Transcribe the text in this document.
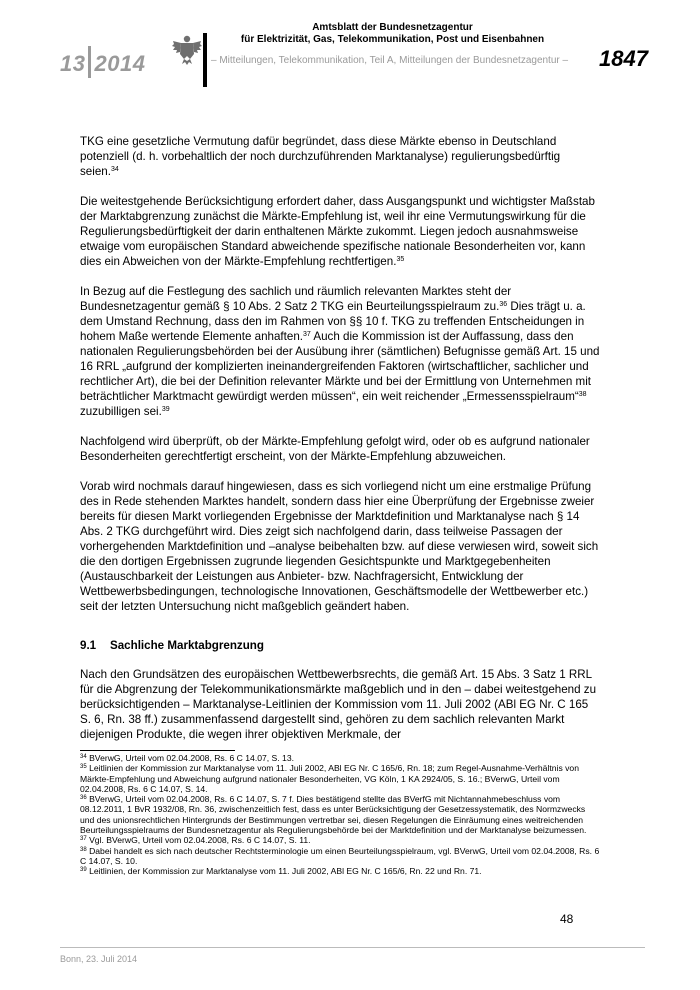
13 2014
Amtsblatt der Bundesnetzagentur
für Elektrizität, Gas, Telekommunikation, Post und Eisenbahnen
– Mitteilungen, Telekommunikation, Teil A, Mitteilungen der Bundesnetzagentur – 1847

TKG eine gesetzliche Vermutung dafür begründet, dass diese Märkte ebenso in Deutschland potenziell (d. h. vorbehaltlich der noch durchzuführenden Marktanalyse) regulierungsbedürftig seien.$^{34}$

Die weitestgehende Berücksichtigung erfordert daher, dass Ausgangspunkt und wichtigster Maßstab der Marktabgrenzung zunächst die Märkte-Empfehlung ist, weil ihr eine Vermutungswirkung für die Regulierungsbedürftigkeit der darin enthaltenen Märkte zukommt. Liegen jedoch ausnahmsweise etwaige vom europäischen Standard abweichende spezifische nationale Besonderheiten vor, kann dies ein Abweichen von der Märkte-Empfehlung rechtfertigen.$^{35}$

In Bezug auf die Festlegung des sachlich und räumlich relevanten Marktes steht der Bundesnetzagentur gemäß § 10 Abs. 2 Satz 2 TKG ein Beurteilungsspielraum zu.$^{36}$ Dies trägt u. a. dem Umstand Rechnung, dass den im Rahmen von §§ 10 f. TKG zu treffenden Entscheidungen in hohem Maße wertende Elemente anhaften.$^{37}$ Auch die Kommission ist der Auffassung, dass den nationalen Regulierungsbehörden bei der Ausübung ihrer (sämtlichen) Befugnisse gemäß Art. 15 und 16 RRL „aufgrund der komplizierten ineinandergreifenden Faktoren (wirtschaftlicher, sachlicher und rechtlicher Art), die bei der Definition relevanter Märkte und bei der Ermittlung von Unternehmen mit beträchtlicher Marktmacht gewürdigt werden müssen“, ein weit reichender „Ermessensspielraum“$^{38}$ zuzubilligen sei.$^{39}$

Nachfolgend wird überprüft, ob der Märkte-Empfehlung gefolgt wird, oder ob es aufgrund nationaler Besonderheiten gerechtfertigt erscheint, von der Märkte-Empfehlung abzuweichen.

Vorab wird nochmals darauf hingewiesen, dass es sich vorliegend nicht um eine erstmalige Prüfung des in Rede stehenden Marktes handelt, sondern dass hier eine Überprüfung der Ergebnisse zweier bereits für diesen Markt vorliegenden Ergebnisse der Marktdefinition und Marktanalyse nach § 14 Abs. 2 TKG durchgeführt wird. Dies zeigt sich nachfolgend darin, dass teilweise Passagen der vorhergehenden Marktdefinition und –analyse beibehalten bzw. auf diese verwiesen wird, soweit sich die den dortigen Ergebnissen zugrunde liegenden Gesichtspunkte und Marktgegebenheiten (Austauschbarkeit der Leistungen aus Anbieter- bzw. Nachfragersicht, Entwicklung der Wettbewerbsbedingungen, technologische Innovationen, Geschäftsmodelle der Wettbewerber etc.) seit der letzten Untersuchung nicht maßgeblich geändert haben.

9.1 Sachliche Marktabgrenzung

Nach den Grundsätzen des europäischen Wettbewerbsrechts, die gemäß Art. 15 Abs. 3 Satz 1 RRL für die Abgrenzung der Telekommunikationsmärkte maßgeblich und in den – dabei weitestgehend zu berücksichtigenden – Marktanalyse-Leitlinien der Kommission vom 11. Juli 2002 (ABl EG Nr. C 165 S. 6, Rn. 38 ff.) zusammenfassend dargestellt sind, gehören zu dem sachlich relevanten Markt diejenigen Produkte, die wegen ihrer objektiven Merkmale, der

$^{34}$ BVerwG, Urteil vom 02.04.2008, Rs. 6 C 14.07, S. 13.
$^{35}$ Leitlinien der Kommission zur Marktanalyse vom 11. Juli 2002, ABl EG Nr. C 165/6, Rn. 18; zum Regel-Ausnahme-Verhältnis von Märkte-Empfehlung und Abweichung aufgrund nationaler Besonderheiten, VG Köln, 1 KA 2924/05, S. 16.; BVerwG, Urteil vom 02.04.2008, Rs. 6 C 14.07, S. 14.
$^{36}$ BVerwG, Urteil vom 02.04.2008, Rs. 6 C 14.07, S. 7 f. Dies bestätigend stellte das BVerfG mit Nichtannahmebeschluss vom 08.12.2011, 1 BvR 1932/08, Rn. 36, zwischenzeitlich fest, dass es unter Berücksichtigung der Gesetzessystematik, des Normzwecks und des unionsrechtlichen Hintergrunds der Bestimmungen vertretbar sei, diesen Regelungen die Einräumung eines weitreichenden Beurteilungsspielraums der Bundesnetzagentur als Regulierungsbehörde bei der Marktdefinition und der Marktanalyse beizumessen.
$^{37}$ Vgl. BVerwG, Urteil vom 02.04.2008, Rs. 6 C 14.07, S. 11.
$^{38}$ Dabei handelt es sich nach deutscher Rechtsterminologie um einen Beurteilungsspielraum, vgl. BVerwG, Urteil vom 02.04.2008, Rs. 6 C 14.07, S. 10.
$^{39}$ Leitlinien, der Kommission zur Marktanalyse vom 11. Juli 2002, ABl EG Nr. C 165/6, Rn. 22 und Rn. 71.
48
Bonn, 23. Juli 2014
